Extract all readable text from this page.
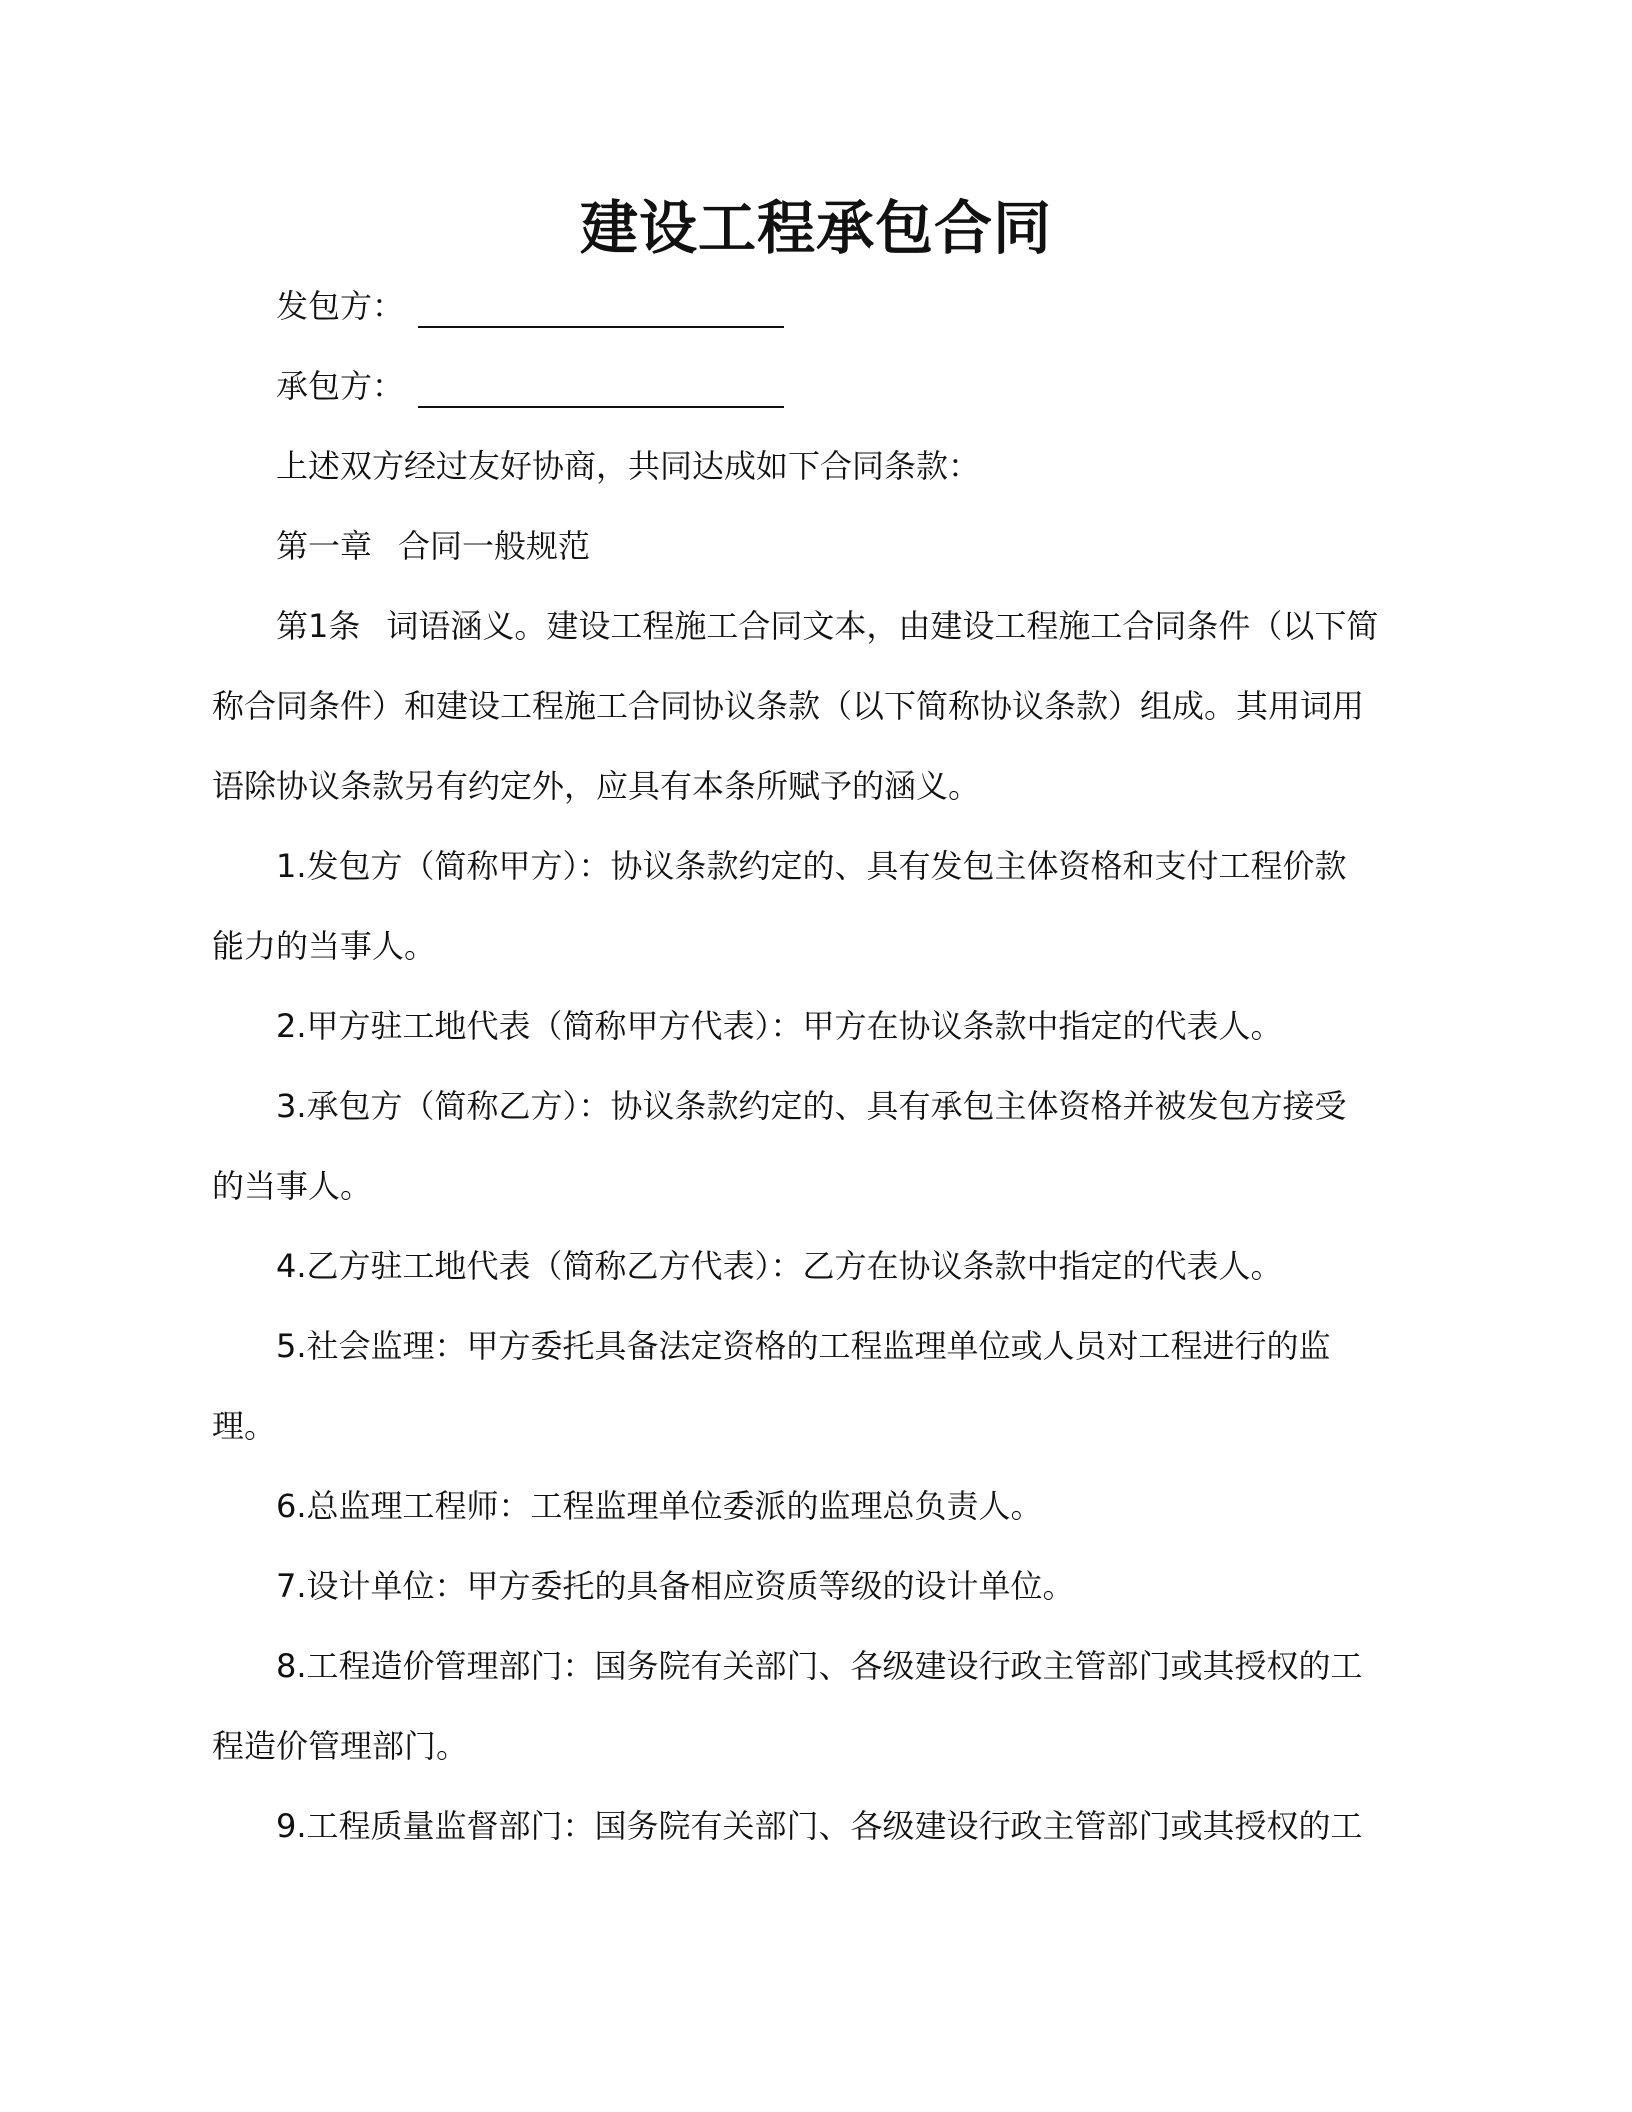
建设工程承包合同

发包方：

承包方：

上述双方经过友好协商，共同达成如下合同条款：

第一章 合同一般规范

第1条 词语涵义。建设工程施工合同文本，由建设工程施工合同条件（以下简

称合同条件）和建设工程施工合同协议条款（以下简称协议条款）组成。其用词用

语除协议条款另有约定外，应具有本条所赋予的涵义。

1.发包方（简称甲方）：协议条款约定的、具有发包主体资格和支付工程价款

能力的当事人。

2.甲方驻工地代表（简称甲方代表）：甲方在协议条款中指定的代表人。

3.承包方（简称乙方）：协议条款约定的、具有承包主体资格并被发包方接受

的当事人。

4.乙方驻工地代表（简称乙方代表）：乙方在协议条款中指定的代表人。

5.社会监理：甲方委托具备法定资格的工程监理单位或人员对工程进行的监

理。

6.总监理工程师：工程监理单位委派的监理总负责人。

7.设计单位：甲方委托的具备相应资质等级的设计单位。

8.工程造价管理部门：国务院有关部门、各级建设行政主管部门或其授权的工

程造价管理部门。

9.工程质量监督部门：国务院有关部门、各级建设行政主管部门或其授权的工
